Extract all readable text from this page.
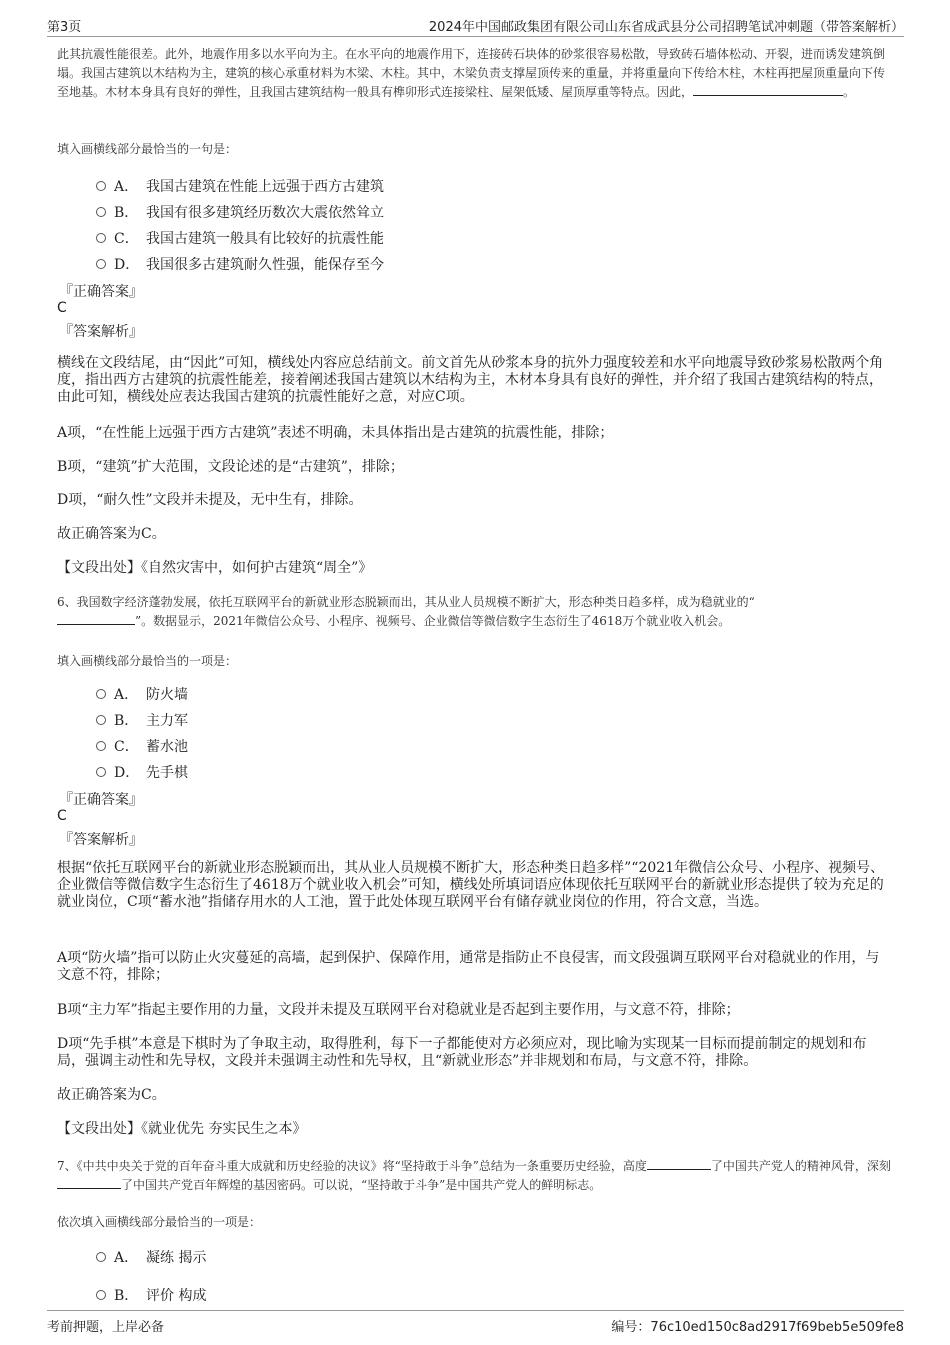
第3页	2024年中国邮政集团有限公司山东省成武县分公司招聘笔试冲刺题（带答案解析）
此其抗震性能很差。此外，地震作用多以水平向为主。在水平向的地震作用下，连接砖石块体的砂浆很容易松散，导致砖石墙体松动、开裂，进而诱发建筑倒塌。我国古建筑以木结构为主，建筑的核心承重材料为木梁、木柱。其中，木梁负责支撑屋顶传来的重量，并将重量向下传给木柱，木柱再把屋顶重量向下传至地基。木材本身具有良好的弹性，且我国古建筑结构一般具有榫卯形式连接梁柱、屋架低矮、屋顶厚重等特点。因此，	。
填入画横线部分最恰当的一句是：
A． 我国古建筑在性能上远强于西方古建筑
B． 我国有很多建筑经历数次大震依然耸立
C． 我国古建筑一般具有比较好的抗震性能
D． 我国很多古建筑耐久性强，能保存至今
『正确答案』
C
『答案解析』
横线在文段结尾，由“因此”可知，横线处内容应总结前文。前文首先从砂浆本身的抗外力强度较差和水平向地震导致砂浆易松散两个角度，指出西方古建筑的抗震性能差，接着阐述我国古建筑以木结构为主，木材本身具有良好的弹性，并介绍了我国古建筑结构的特点，由此可知，横线处应表达我国古建筑的抗震性能好之意，对应C项。
A项，“在性能上远强于西方古建筑”表述不明确，未具体指出是古建筑的抗震性能，排除；
B项，“建筑”扩大范围，文段论述的是“古建筑”，排除；
D项，“耐久性”文段并未提及，无中生有，排除。
故正确答案为C。
【文段出处】《自然灾害中，如何护古建筑“周全”》
6、我国数字经济蓬勃发展，依托互联网平台的新就业形态脱颖而出，其从业人员规模不断扩大，形态种类日趋多样，成为稳就业的“
”。数据显示，2021年微信公众号、小程序、视频号、企业微信等微信数字生态衍生了4618万个就业收入机会。
填入画横线部分最恰当的一项是：
A． 防火墙
B． 主力军
C． 蓄水池
D． 先手棋
『正确答案』
C
『答案解析』
根据“依托互联网平台的新就业形态脱颖而出，其从业人员规模不断扩大，形态种类日趋多样”“2021年微信公众号、小程序、视频号、企业微信等微信数字生态衍生了4618万个就业收入机会”可知，横线处所填词语应体现依托互联网平台的新就业形态提供了较为充足的就业岗位，C项“蓄水池”指储存用水的人工池，置于此处体现互联网平台有储存就业岗位的作用，符合文意，当选。
A项“防火墙”指可以防止火灾蔓延的高墙，起到保护、保障作用，通常是指防止不良侵害，而文段强调互联网平台对稳就业的作用，与文意不符，排除；
B项“主力军”指起主要作用的力量，文段并未提及互联网平台对稳就业是否起到主要作用，与文意不符，排除；
D项“先手棋”本意是下棋时为了争取主动，取得胜利，每下一子都能使对方必须应对，现比喻为实现某一目标而提前制定的规划和布局，强调主动性和先导权，文段并未强调主动性和先导权，且“新就业形态”并非规划和布局，与文意不符，排除。
故正确答案为C。
【文段出处】《就业优先 夯实民生之本》
7、《中共中央关于党的百年奋斗重大成就和历史经验的决议》将“坚持敢于斗争”总结为一条重要历史经验，高度	了中国共产党人的精神风骨，深刻了中国共产党百年辉煌的基因密码。可以说，“坚持敢于斗争”是中国共产党人的鲜明标志。
依次填入画横线部分最恰当的一项是：
A． 凝练 揭示
B． 评价 构成
考前押题，上岸必备	编号：76c10ed150c8ad2917f69beb5e509fe8
